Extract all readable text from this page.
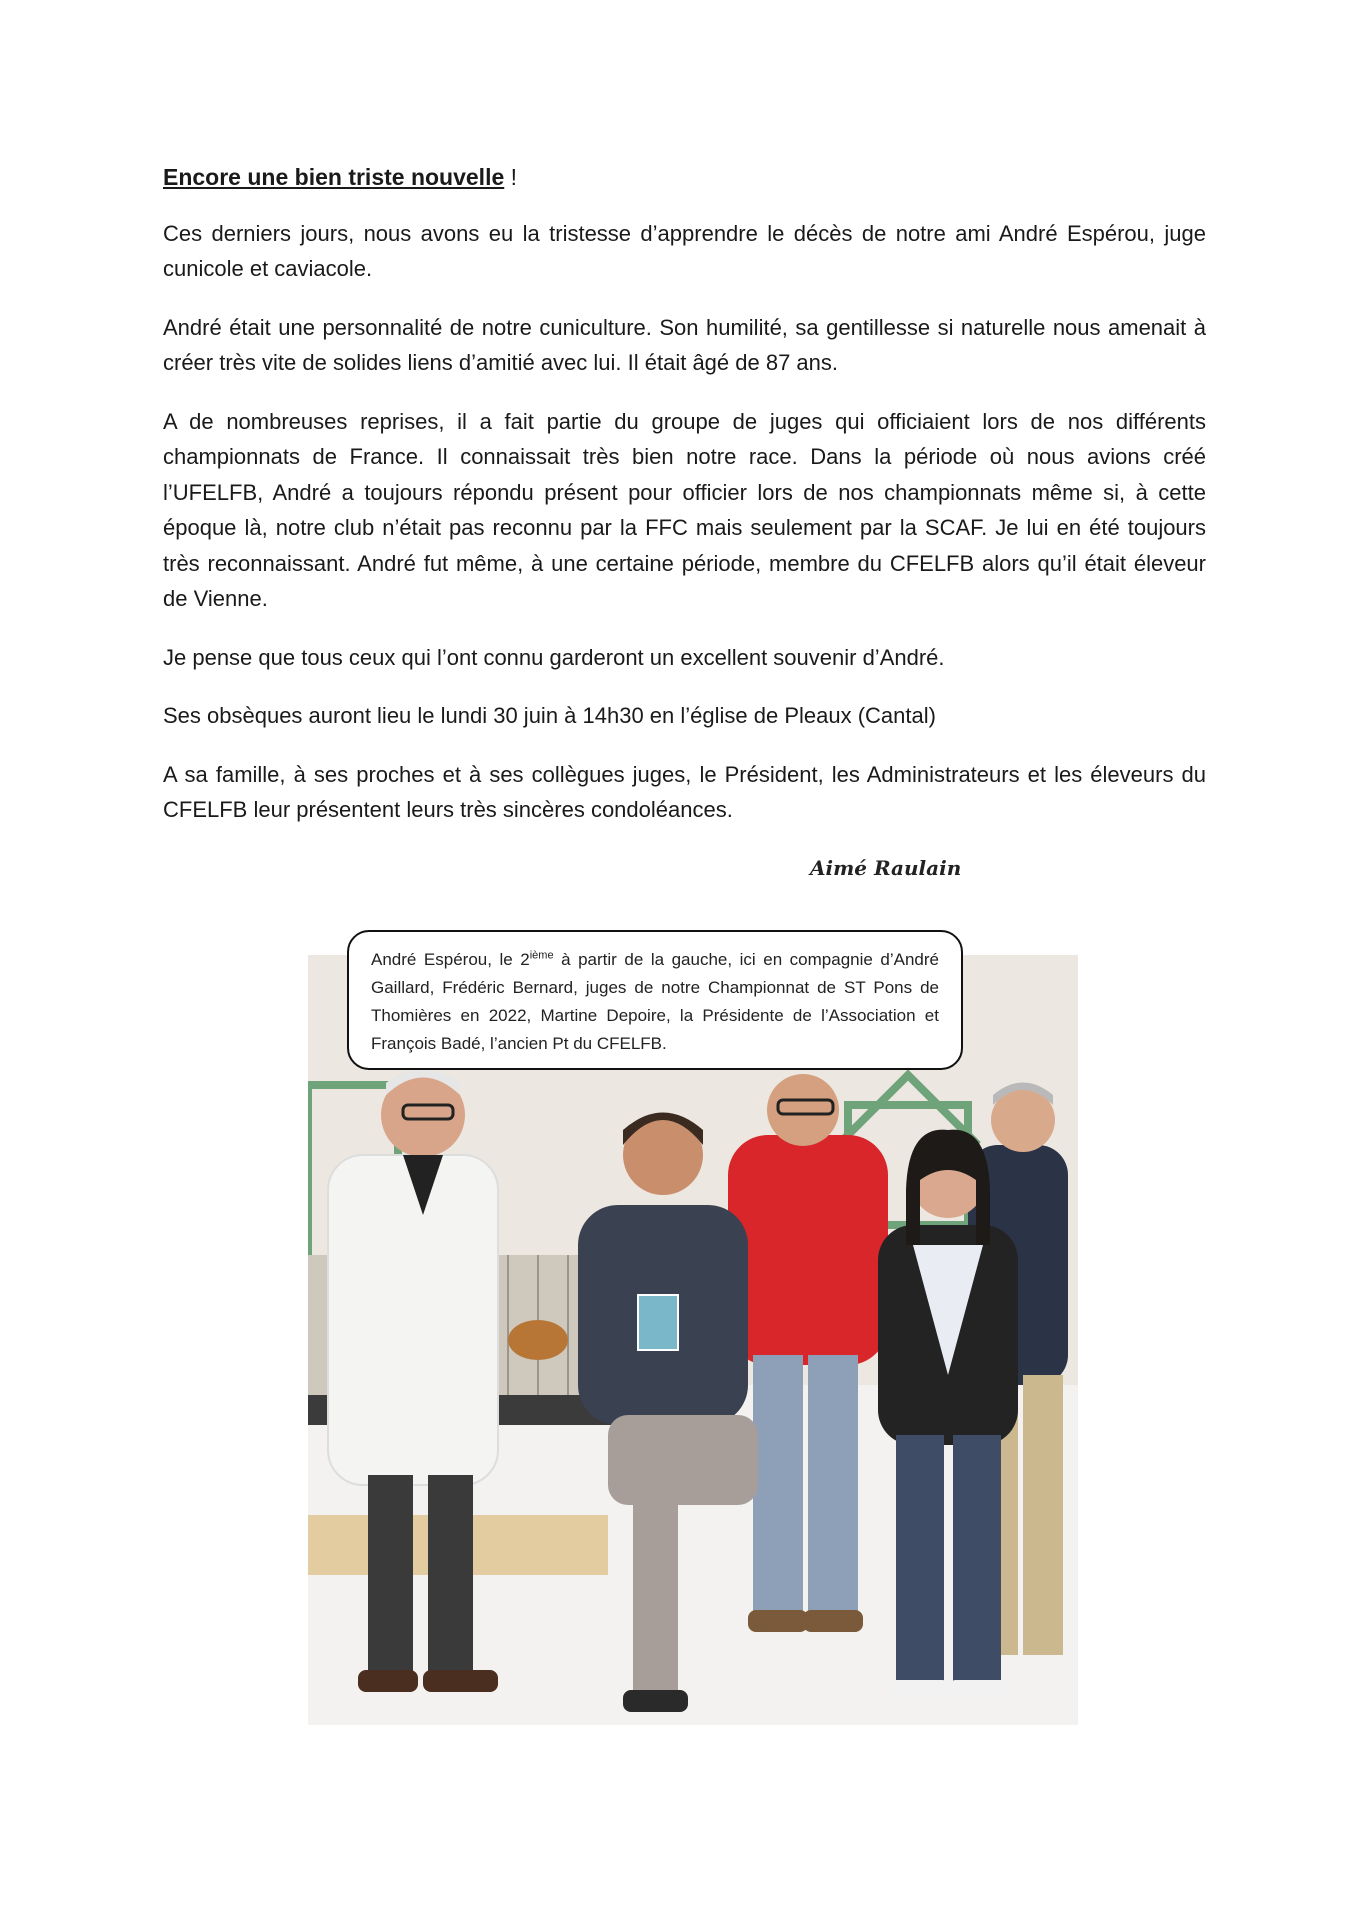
Encore une bien triste nouvelle !

Ces derniers jours, nous avons eu la tristesse d’apprendre le décès de notre ami André Espérou, juge cunicole et caviacole.

André était une personnalité de notre cuniculture. Son humilité, sa gentillesse si naturelle nous amenait à créer très vite de solides liens d’amitié avec lui. Il était âgé de 87 ans.

A de nombreuses reprises, il a fait partie du groupe de juges qui officiaient lors de nos différents championnats de France. Il connaissait très bien notre race. Dans la période où nous avions créé l’UFELFB, André a toujours répondu présent pour officier lors de nos championnats même si, à cette époque là, notre club n’était pas reconnu par la FFC mais seulement par la SCAF. Je lui en été toujours très reconnaissant. André fut même, à une certaine période, membre du CFELFB alors qu’il était éleveur de Vienne.

Je pense que tous ceux qui l’ont connu garderont un excellent souvenir d’André.

Ses obsèques auront lieu le lundi 30 juin à 14h30 en l’église de Pleaux (Cantal)

A sa famille, à ses proches et à ses collègues juges, le Président, les Administrateurs et les éleveurs du CFELFB leur présentent leurs très sincères condoléances.

Aimé Raulain
André Espérou, le 2ième à partir de la gauche, ici en compagnie d’André Gaillard, Frédéric Bernard, juges de notre Championnat de ST Pons de Thomières en 2022, Martine Depoire, la Présidente de l’Association et François Badé, l’ancien Pt du CFELFB.
